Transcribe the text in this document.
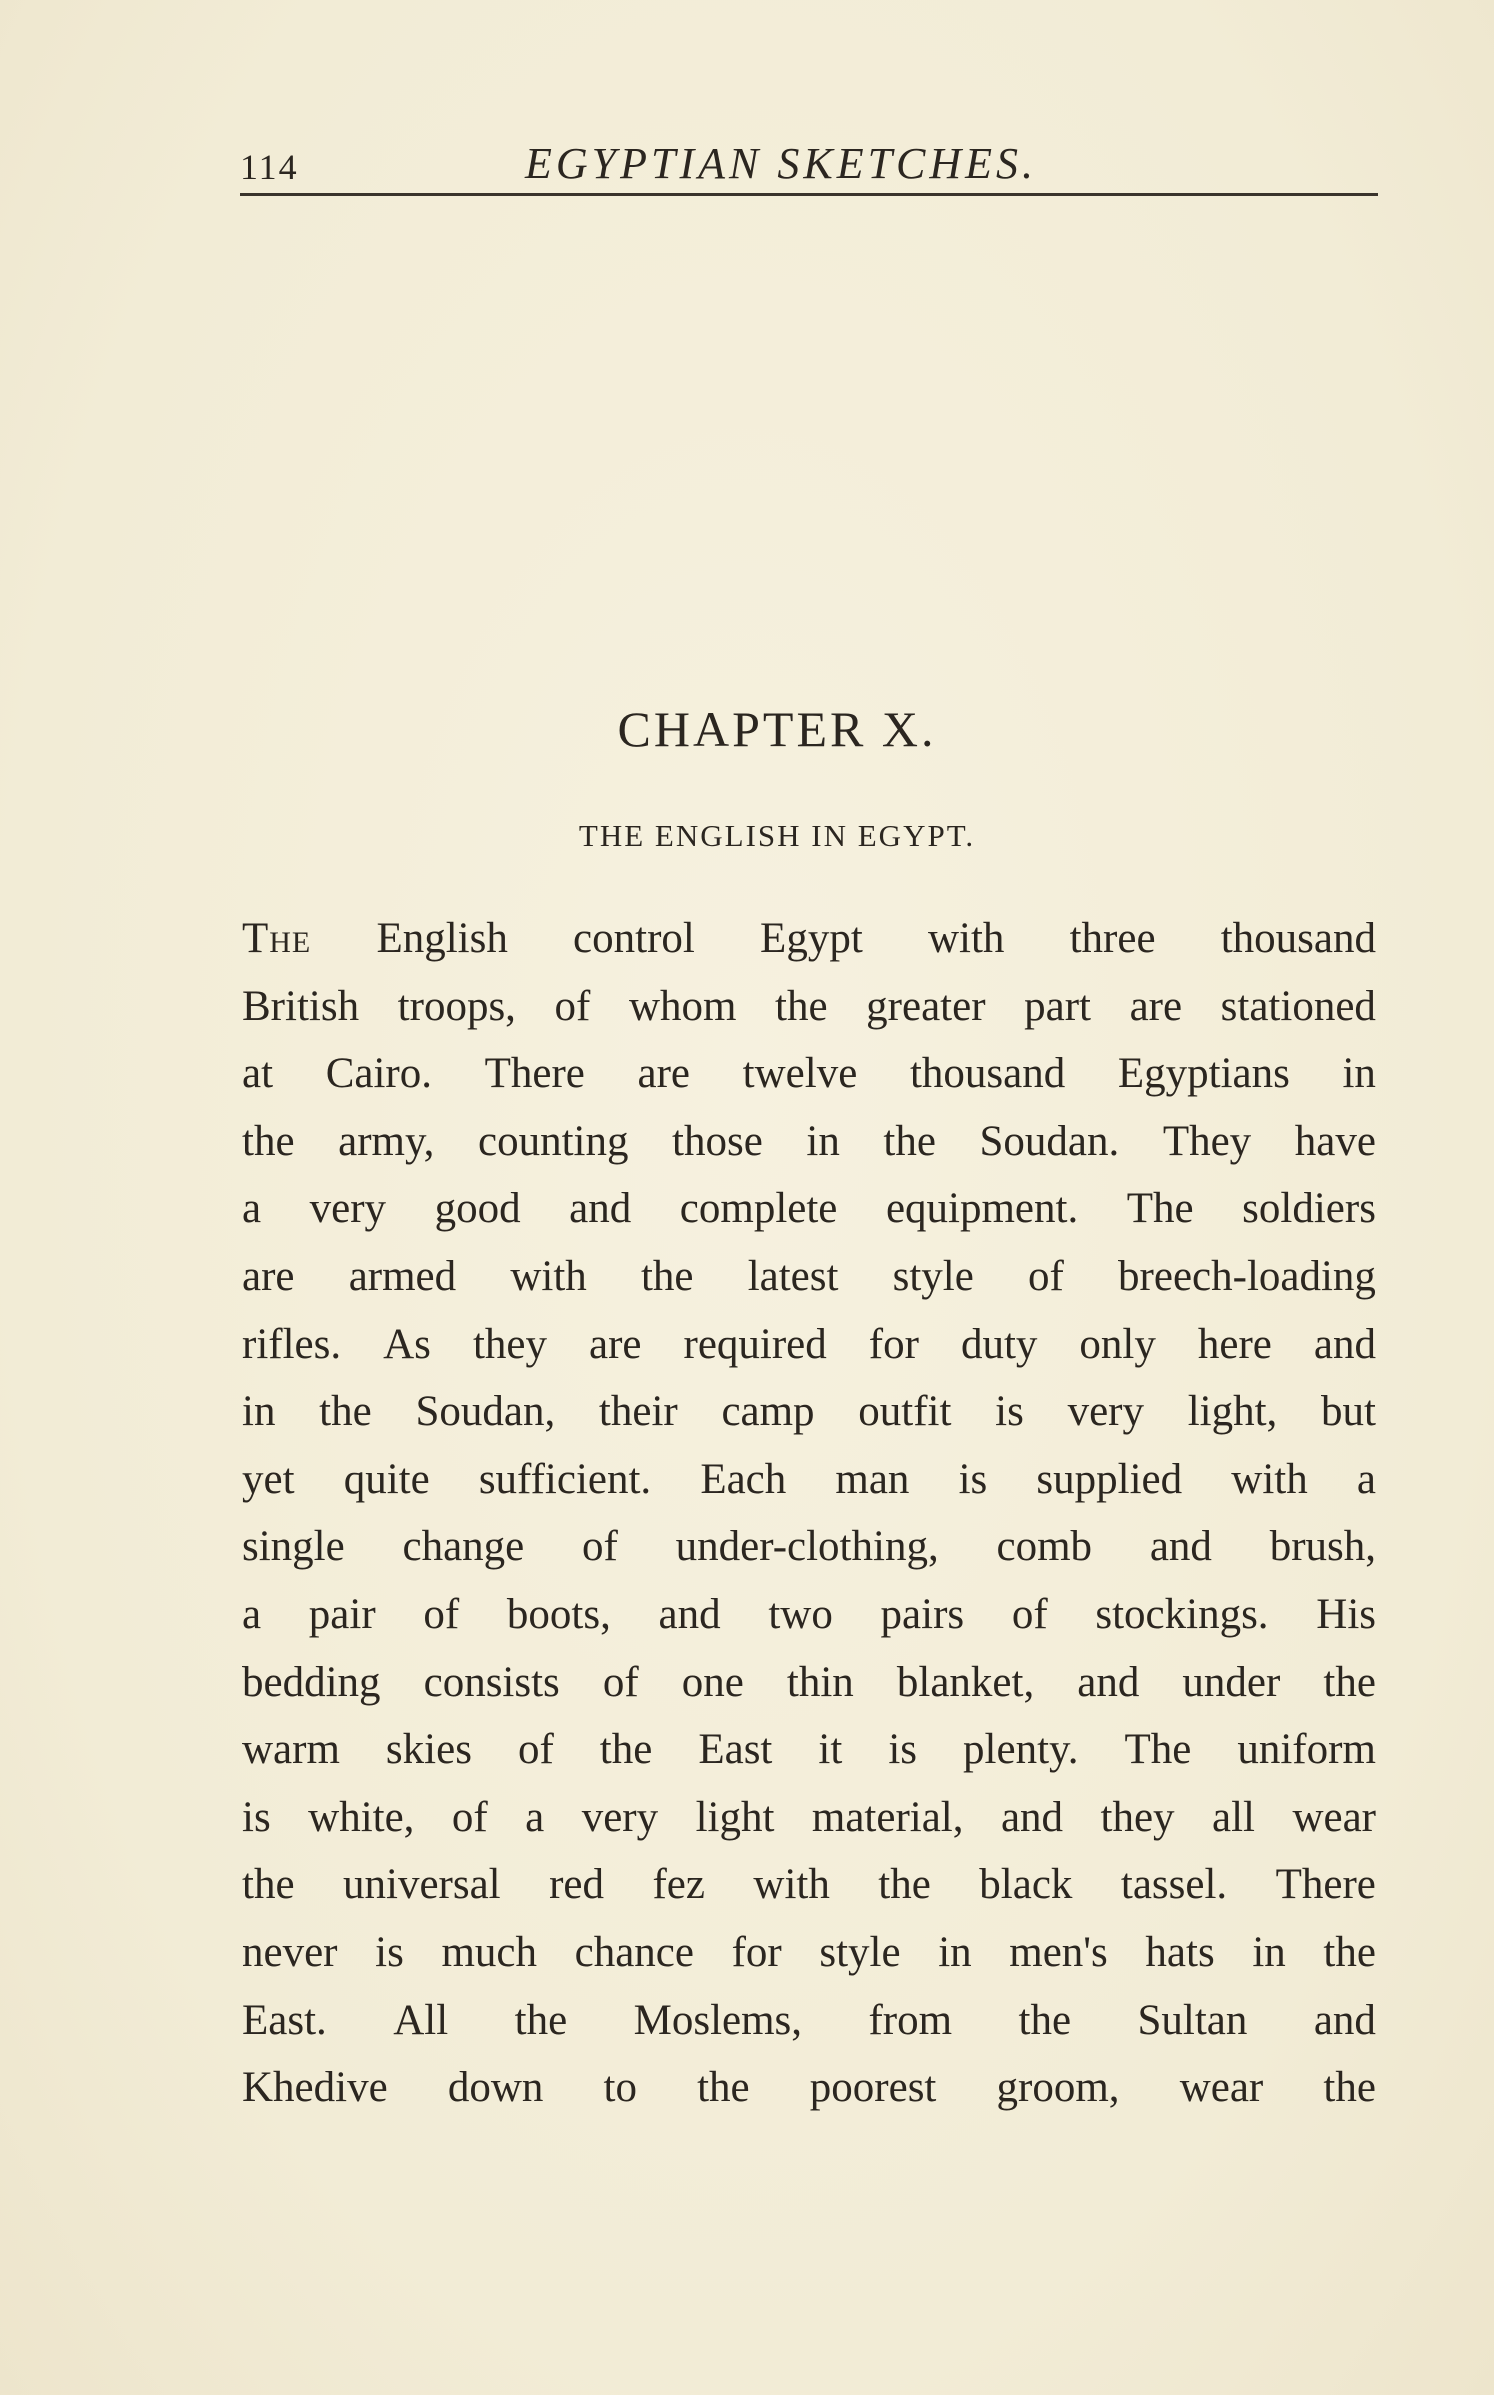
114	EGYPTIAN SKETCHES.
CHAPTER X.
THE ENGLISH IN EGYPT.
The English control Egypt with three thousand
British troops, of whom the greater part are stationed
at Cairo. There are twelve thousand Egyptians in
the army, counting those in the Soudan. They have
a very good and complete equipment. The soldiers
are armed with the latest style of breech-loading
rifles. As they are required for duty only here and
in the Soudan, their camp outfit is very light, but
yet quite sufficient. Each man is supplied with a
single change of under-clothing, comb and brush,
a pair of boots, and two pairs of stockings. His
bedding consists of one thin blanket, and under the
warm skies of the East it is plenty. The uniform
is white, of a very light material, and they all wear
the universal red fez with the black tassel. There
never is much chance for style in men's hats in the
East. All the Moslems, from the Sultan and
Khedive down to the poorest groom, wear the
